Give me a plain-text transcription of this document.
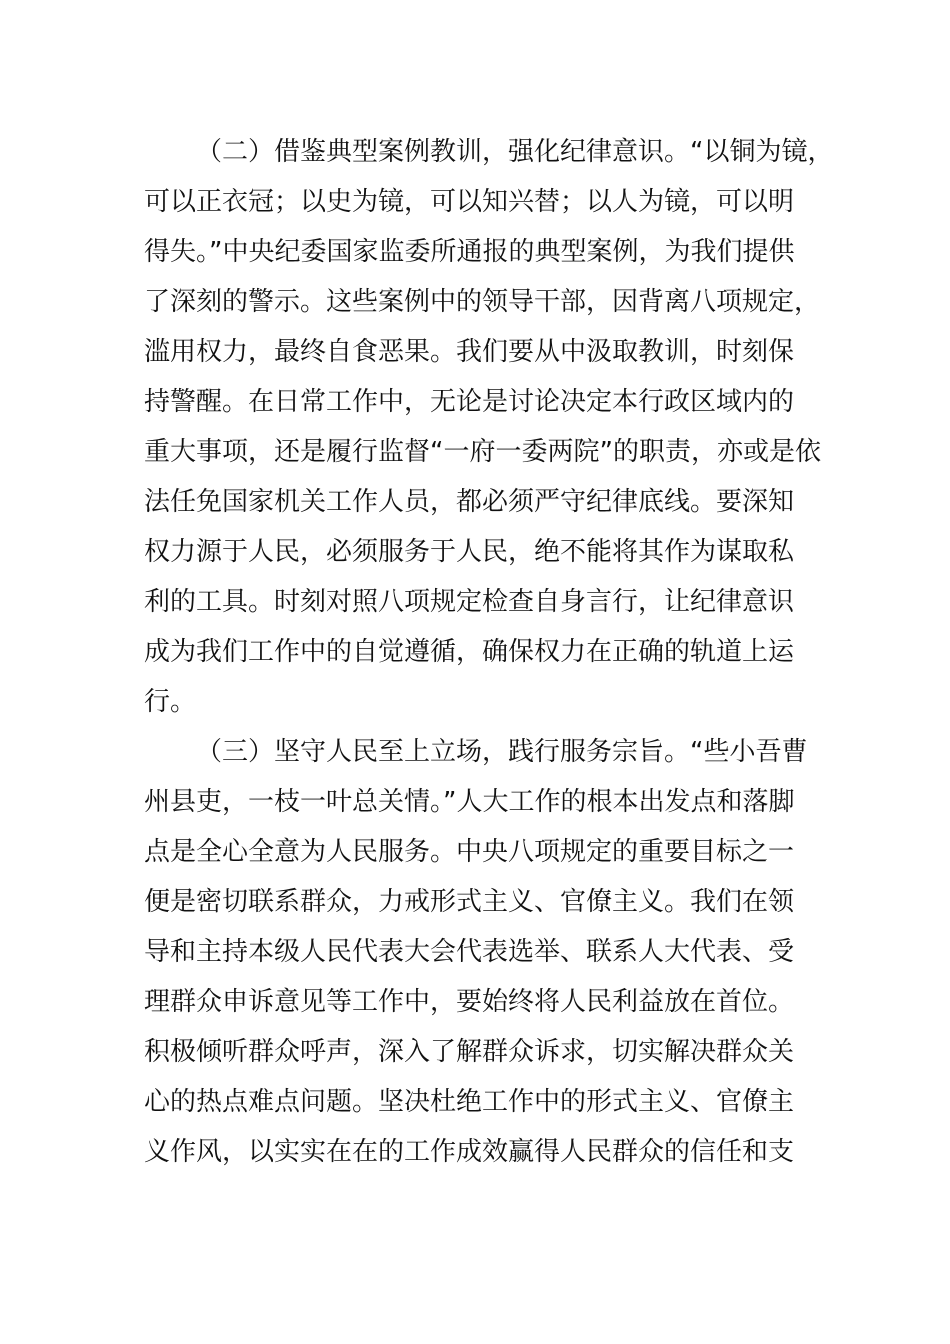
（二）借鉴典型案例教训，强化纪律意识。“以铜为镜，
可以正衣冠；以史为镜，可以知兴替；以人为镜，可以明
得失。”中央纪委国家监委所通报的典型案例，为我们提供
了深刻的警示。这些案例中的领导干部，因背离八项规定，
滥用权力，最终自食恶果。我们要从中汲取教训，时刻保
持警醒。在日常工作中，无论是讨论决定本行政区域内的
重大事项，还是履行监督“一府一委两院”的职责，亦或是依
法任免国家机关工作人员，都必须严守纪律底线。要深知
权力源于人民，必须服务于人民，绝不能将其作为谋取私
利的工具。时刻对照八项规定检查自身言行，让纪律意识
成为我们工作中的自觉遵循，确保权力在正确的轨道上运
行。
（三）坚守人民至上立场，践行服务宗旨。“些小吾曹
州县吏，一枝一叶总关情。”人大工作的根本出发点和落脚
点是全心全意为人民服务。中央八项规定的重要目标之一
便是密切联系群众，力戒形式主义、官僚主义。我们在领
导和主持本级人民代表大会代表选举、联系人大代表、受
理群众申诉意见等工作中，要始终将人民利益放在首位。
积极倾听群众呼声，深入了解群众诉求，切实解决群众关
心的热点难点问题。坚决杜绝工作中的形式主义、官僚主
义作风，以实实在在的工作成效赢得人民群众的信任和支
